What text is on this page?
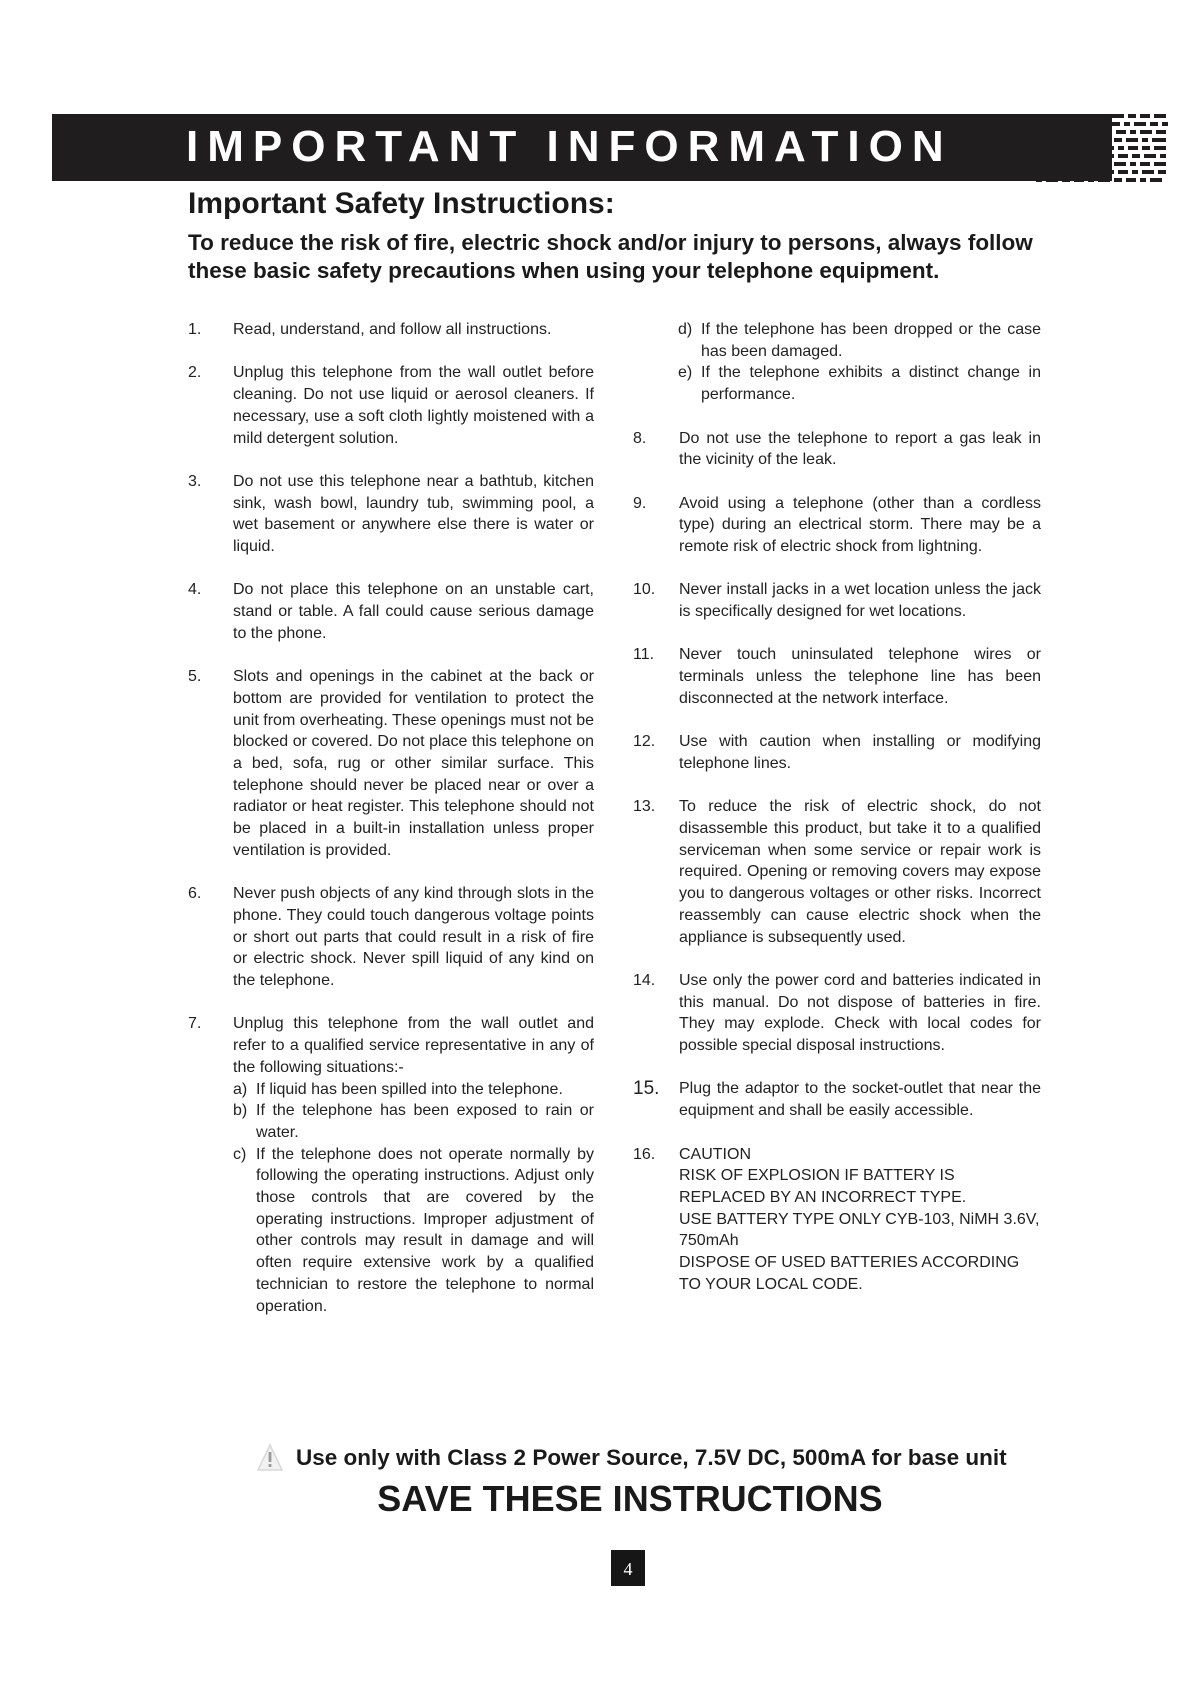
IMPORTANT INFORMATION
Important Safety Instructions:
To reduce the risk of fire, electric shock and/or injury to persons, always follow these basic safety precautions when using your telephone equipment.
1.	Read, understand, and follow all instructions.
2.	Unplug this telephone from the wall outlet before cleaning. Do not use liquid or aerosol cleaners. If necessary, use a soft cloth lightly moistened with a mild detergent solution.
3.	Do not use this telephone near a bathtub, kitchen sink, wash bowl, laundry tub, swimming pool, a wet basement or anywhere else there is water or liquid.
4.	Do not place this telephone on an unstable cart, stand or table. A fall could cause serious damage to the phone.
5.	Slots and openings in the cabinet at the back or bottom are provided for ventilation to protect the unit from overheating. These openings must not be blocked or covered. Do not place this telephone on a bed, sofa, rug or other similar surface. This telephone should never be placed near or over a radiator or heat register. This telephone should not be placed in a built-in installation unless proper ventilation is provided.
6.	Never push objects of any kind through slots in the phone. They could touch dangerous voltage points or short out parts that could result in a risk of fire or electric shock. Never spill liquid of any kind on the telephone.
7.	Unplug this telephone from the wall outlet and refer to a qualified service representative in any of the following situations:-

a) If liquid has been spilled into the telephone.
b) If the telephone has been exposed to rain or water.
c) If the telephone does not operate normally by following the operating instructions. Adjust only those controls that are covered by the operating instructions. Improper adjustment of other controls may result in damage and will often require extensive work by a qualified technician to restore the telephone to normal operation.
d) If the telephone has been dropped or the case has been damaged.
e) If the telephone exhibits a distinct change in performance.
8.	Do not use the telephone to report a gas leak in the vicinity of the leak.
9.	Avoid using a telephone (other than a cordless type) during an electrical storm. There may be a remote risk of electric shock from lightning.
10.	Never install jacks in a wet location unless the jack is specifically designed for wet locations.
11.	Never touch uninsulated telephone wires or terminals unless the telephone line has been disconnected at the network interface.
12.	Use with caution when installing or modifying telephone lines.
13.	To reduce the risk of electric shock, do not disassemble this product, but take it to a qualified serviceman when some service or repair work is required. Opening or removing covers may expose you to dangerous voltages or other risks. Incorrect reassembly can cause electric shock when the appliance is subsequently used.
14.	Use only the power cord and batteries indicated in this manual. Do not dispose of batteries in fire. They may explode. Check with local codes for possible special disposal instructions.
15.	Plug the adaptor to the socket-outlet that near the equipment and shall be easily accessible.
16.	CAUTION

RISK OF EXPLOSION IF BATTERY IS REPLACED BY AN INCORRECT TYPE.

USE BATTERY TYPE ONLY CYB-103, NiMH 3.6V, 750mAh

DISPOSE OF USED BATTERIES ACCORDING TO YOUR LOCAL CODE.

Use only with Class 2 Power Source, 7.5V DC, 500mA for base unit
SAVE THESE INSTRUCTIONS
4
